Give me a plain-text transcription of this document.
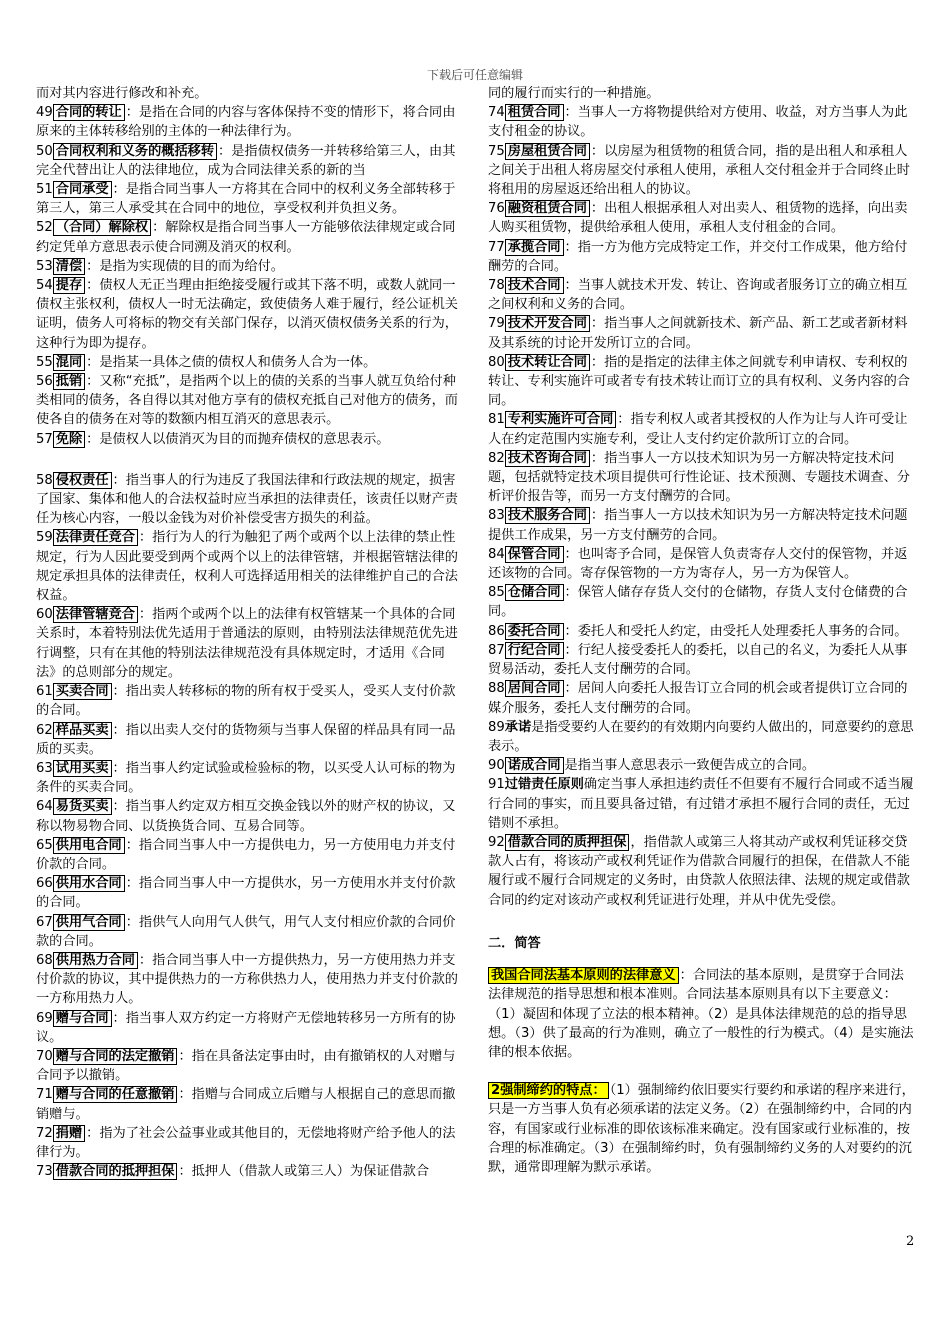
下载后可任意编辑

而对其内容进行修改和补充。

49 合同的转让 ：是指在合同的内容与客体保持不变的情形下，将合同由原来的主体转移给别的主体的一种法律行为。

50 合同权利和义务的概括移转 ：是指债权债务一并转移给第三人，由其完全代替出让人的法律地位，成为合同法律关系的新的当

51 合同承受 ：是指合同当事人一方将其在合同中的权利义务全部转移于第三人，第三人承受其在合同中的地位，享受权利并负担义务。

52 （合同）解除权 ：解除权是指合同当事人一方能够依法律规定或合同约定凭单方意思表示使合同溯及消灭的权利。

53 清偿 ：是指为实现债的目的而为给付。

54 提存 ：债权人无正当理由拒绝接受履行或其下落不明，或数人就同一债权主张权利，债权人一时无法确定，致使债务人难于履行，经公证机关证明，债务人可将标的物交有关部门保存，以消灭债权债务关系的行为，这种行为即为提存。

55 混同 ：是指某一具体之债的债权人和债务人合为一体。

56 抵销 ：又称“充抵”，是指两个以上的债的关系的当事人就互负给付种类相同的债务，各自得以其对他方享有的债权充抵自己对他方的债务，而使各自的债务在对等的数额内相互消灭的意思表示。

57 免除 ：是债权人以债消灭为目的而抛弃债权的意思表示。

58 侵权责任 ：指当事人的行为违反了我国法律和行政法规的规定，损害了国家、集体和他人的合法权益时应当承担的法律责任，该责任以财产责任为核心内容，一般以金钱为对价补偿受害方损失的利益。

59 法律责任竞合 ：指行为人的行为触犯了两个或两个以上法律的禁止性规定，行为人因此要受到两个或两个以上的法律管辖，并根据管辖法律的规定承担具体的法律责任，权利人可选择适用相关的法律维护自己的合法权益。

60 法律管辖竞合 ：指两个或两个以上的法律有权管辖某一个具体的合同关系时，本着特别法优先适用于普通法的原则，由特别法法律规范优先进行调整，只有在其他的特别法法律规范没有具体规定时，才适用《合同法》的总则部分的规定。

61 买卖合同 ：指出卖人转移标的物的所有权于受买人，受买人支付价款的合同。

62 样品买卖 ：指以出卖人交付的货物须与当事人保留的样品具有同一品质的买卖。

63 试用买卖 ：指当事人约定试验或检验标的物，以买受人认可标的物为条件的买卖合同。

64 易货买卖 ：指当事人约定双方相互交换金钱以外的财产权的协议，又称以物易物合同、以货换货合同、互易合同等。

65 供用电合同 ：指合同当事人中一方提供电力，另一方使用电力并支付价款的合同。

66 供用水合同 ：指合同当事人中一方提供水，另一方使用水并支付价款的合同。

67 供用气合同 ：指供气人向用气人供气，用气人支付相应价款的合同价款的合同。

68 供用热力合同 ：指合同当事人中一方提供热力，另一方使用热力并支付价款的协议，其中提供热力的一方称供热力人，使用热力并支付价款的一方称用热力人。

69 赠与合同 ：指当事人双方约定一方将财产无偿地转移另一方所有的协议。

70 赠与合同的法定撤销 ：指在具备法定事由时，由有撤销权的人对赠与合同予以撤销。

71 赠与合同的任意撤销 ：指赠与合同成立后赠与人根据自己的意思而撤销赠与。

72 捐赠 ：指为了社会公益事业或其他目的，无偿地将财产给予他人的法律行为。

73 借款合同的抵押担保 ：抵押人（借款人或第三人）为保证借款合

同的履行而实行的一种措施。

74 租赁合同 ：当事人一方将物提供给对方使用、收益，对方当事人为此支付租金的协议。

75 房屋租赁合同 ：以房屋为租赁物的租赁合同，指的是出租人和承租人之间关于出租人将房屋交付承租人使用，承租人交付租金并于合同终止时将租用的房屋返还给出租人的协议。

76 融资租赁合同 ：出租人根据承租人对出卖人、租赁物的选择，向出卖人购买租赁物，提供给承租人使用，承租人支付租金的合同。

77 承揽合同 ：指一方为他方完成特定工作，并交付工作成果，他方给付酬劳的合同。

78 技术合同 ：当事人就技术开发、转让、咨询或者服务订立的确立相互之间权利和义务的合同。

79 技术开发合同 ：指当事人之间就新技术、新产品、新工艺或者新材料及其系统的讨论开发所订立的合同。

80 技术转让合同 ：指的是指定的法律主体之间就专利申请权、专利权的转让、专利实施许可或者专有技术转让而订立的具有权利、义务内容的合同。

81 专利实施许可合同 ：指专利权人或者其授权的人作为让与人许可受让人在约定范围内实施专利，受让人支付约定价款所订立的合同。

82 技术咨询合同 ：指当事人一方以技术知识为另一方解决特定技术问题，包括就特定技术项目提供可行性论证、技术预测、专题技术调查、分析评价报告等，而另一方支付酬劳的合同。

83 技术服务合同 ：指当事人一方以技术知识为另一方解决特定技术问题提供工作成果，另一方支付酬劳的合同。

84 保管合同 ：也叫寄予合同，是保管人负责寄存人交付的保管物，并返还该物的合同。寄存保管物的一方为寄存人，另一方为保管人。

85 仓储合同 ：保管人储存存货人交付的仓储物，存货人支付仓储费的合同。

86 委托合同 ：委托人和受托人约定，由受托人处理委托人事务的合同。

87 行纪合同 ：行纪人接受委托人的委托，以自己的名义，为委托人从事贸易活动，委托人支付酬劳的合同。

88 居间合同 ：居间人向委托人报告订立合同的机会或者提供订立合同的媒介服务，委托人支付酬劳的合同。

89承诺是指受要约人在要约的有效期内向要约人做出的，同意要约的意思表示。

90 诺成合同 是指当事人意思表示一致便告成立的合同。

91过错责任原则确定当事人承担违约责任不但要有不履行合同或不适当履行合同的事实，而且要具备过错，有过错才承担不履行合同的责任，无过错则不承担。

92 借款合同的质押担保 ，指借款人或第三人将其动产或权利凭证移交贷款人占有，将该动产或权利凭证作为借款合同履行的担保，在借款人不能履行或不履行合同规定的义务时，由贷款人依照法律、法规的规定或借款合同的约定对该动产或权利凭证进行处理，并从中优先受偿。

二．简答

我国合同法基本原则的法律意义 ：合同法的基本原则，是贯穿于合同法法律规范的指导思想和根本准则。合同法基本原则具有以下主要意义：（1）凝固和体现了立法的根本精神。（2）是具体法律规范的总的指导思想。（3）供了最高的行为准则，确立了一般性的行为模式。（4）是实施法律的根本依据。

2强制缔约的特点： （1）强制缔约依旧要实行要约和承诺的程序来进行，只是一方当事人负有必须承诺的法定义务。（2）在强制缔约中，合同的内容，有国家或行业标准的即依该标准来确定。没有国家或行业标准的，按合理的标准确定。（3）在强制缔约时，负有强制缔约义务的人对要约的沉默，通常即理解为默示承诺。

2
